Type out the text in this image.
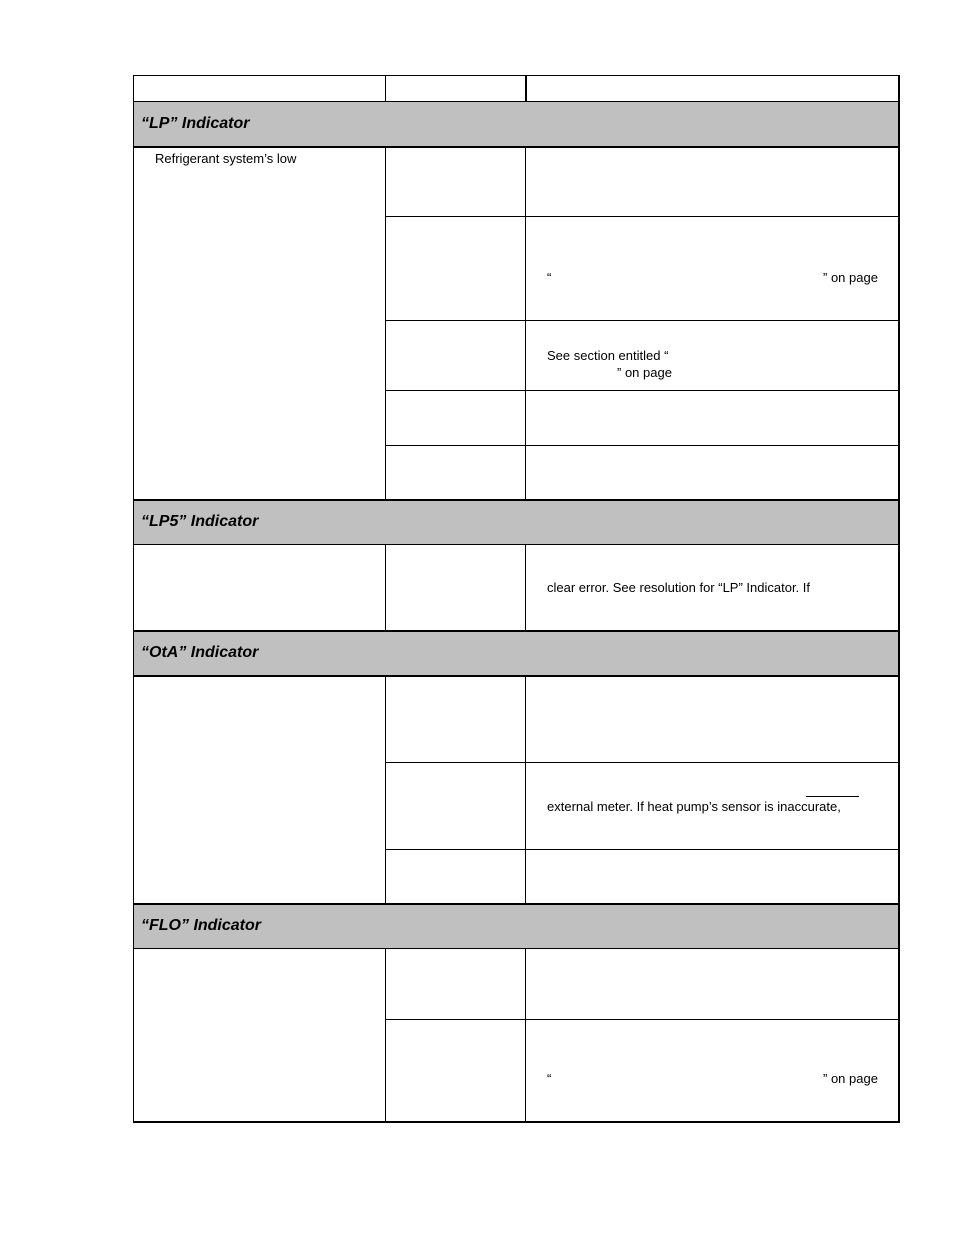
“LP” Indicator
“LP5” Indicator
“OtA” Indicator
“FLO” Indicator
Refrigerant system’s low
“	” on page
See section entitled “
” on page
clear error. See resolution for “LP” Indicator. If
external meter. If heat pump’s sensor is inaccurate,
“	” on page
